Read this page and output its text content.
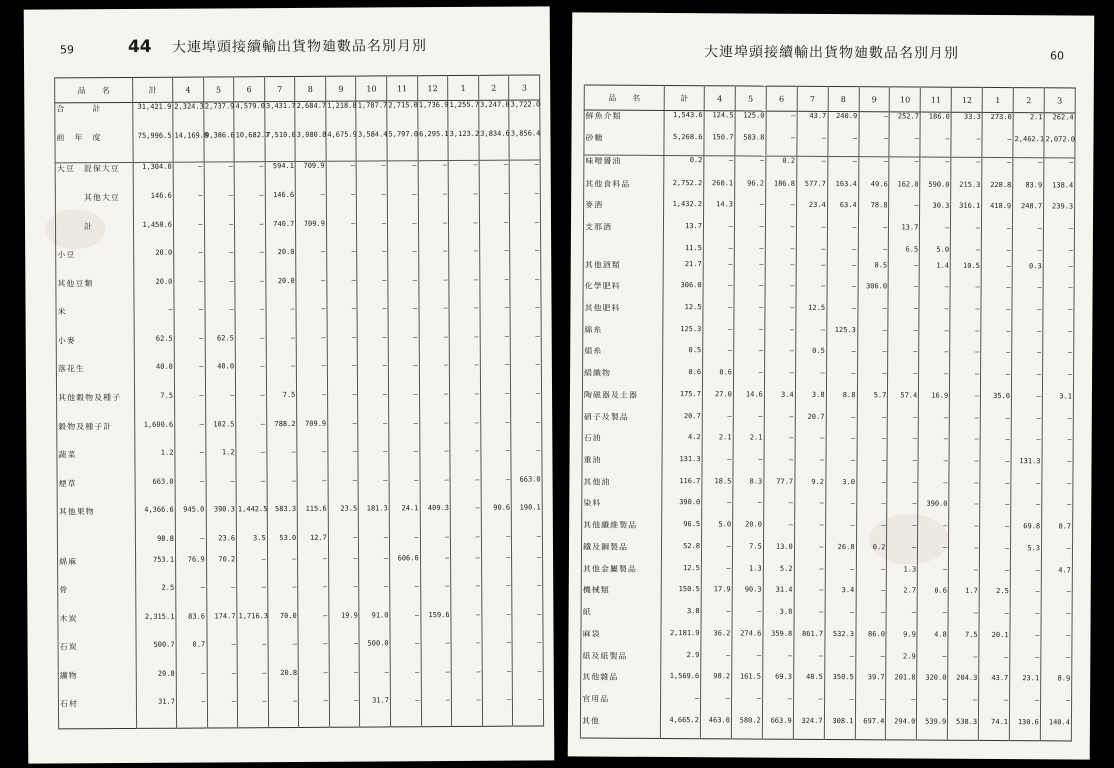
59	44 大連埠頭接續輸出貨物廸數品名別月別
品　　名	計	4	5	6	7	8	9	10	11	12	1	2	3
合　　　計	31,421.9	2,324.3	2,737.9	4,579.0	3,431.7	2,684.7	1,218.8	1,787.7	2,715.0	1,736.9	1,255.7	3,247.8	3,722.0
前　年　度	75,996.5	14,169.8	9,386.6	10,682.7	7,510.0	3,080.8	4,675.9	3,584.4	5,797.0	6,295.1	3,123.2	3,834.6	3,856.4
大豆　混保大豆	1,304.0	—	—	—	594.1	709.9	—	—	—	—	—	—	—
　　　其他大豆	146.6	—	—	—	146.6	—	—	—	—	—	—	—	—
　　　計	1,450.6	—	—	—	740.7	709.9	—	—	—	—	—	—	—
小豆	20.0	—	—	—	20.0	—	—	—	—	—	—	—	—
其他豆類	20.0	—	—	—	20.0	—	—	—	—	—	—	—	—
米	—	—	—	—	—	—	—	—	—	—	—	—	—
小麥	62.5	—	62.5	—	—	—	—	—	—	—	—	—	—
落花生	40.0	—	40.0	—	—	—	—	—	—	—	—	—	—
其他穀物及種子	7.5	—	—	—	7.5	—	—	—	—	—	—	—	—
穀物及種子計	1,600.6	—	102.5	—	788.2	709.9	—	—	—	—	—	—	—
蔬菜	1.2	—	1.2	—	—	—	—	—	—	—	—	—	—
煙草	663.0	—	—	—	—	—	—	—	—	—	—	—	663.0
其他果物	4,366.6	945.0	390.3	1,442.5	583.3	115.6	23.5	181.3	24.1	409.3	—	90.6	190.1
	98.8	—	23.6	3.5	53.0	12.7	—	—	—	—	—	—	—
綿麻	753.1	76.9	70.2	—	—	—	—	—	606.0	—	—	—	—
骨	2.5	—	—	—	—	—	—	—	—	—	—	—	—
木炭	2,315.1	83.6	174.7	1,716.3	70.0	—	19.9	91.0	—	159.6	—	—	—
石炭	500.7	0.7	—	—	—	—	—	500.0	—	—	—	—	—
鑛物	20.8	—	—	—	20.8	—	—	—	—	—	—	—	—
石材	31.7	—	—	—	—	—	—	31.7	—	—	—	—	—
大連埠頭接續輸出貨物廸數品名別月別	60
品　　名	計	4	5	6	7	8	9	10	11	12	1	2	3
鮮魚介類	1,543.6	124.5	125.0	—	43.7	240.9	—	252.7	186.0	33.3	273.0	2.1	262.4
砂糖	5,268.6	150.7	583.8	—	—	—	—	—	—	—	—	2,462.1	2,072.0
味噌醤油	0.2	—	—	0.2	—	—	—	—	—	—	—	—	—
其他食料品	2,752.2	260.1	96.2	186.8	577.7	163.4	49.6	162.0	590.0	215.3	228.8	83.9	138.4
麥酒	1,432.2	14.3	—	—	23.4	63.4	78.8	—	30.3	316.1	418.9	248.7	239.3
支那酒	13.7	—	—	—	—	—	—	13.7	—	—	—	—	—
	11.5	—	—	—	—	—	—	6.5	5.0	—	—	—	—
其他酒類	21.7	—	—	—	—	—	8.5	—	1.4	10.5	—	0.3	—
化學肥料	306.0	—	—	—	—	—	306.0	—	—	—	—	—	—
其他肥料	12.5	—	—	—	12.5	—	—	—	—	—	—	—	—
綿糸	125.3	—	—	—	—	125.3	—	—	—	—	—	—	—
絹糸	0.5	—	—	—	0.5	—	—	—	—	—	—	—	—
絹織物	0.6	0.6	—	—	—	—	—	—	—	—	—	—	—
陶磁器及土器	175.7	27.0	14.6	3.4	3.8	8.8	5.7	57.4	16.9	—	35.0	—	3.1
硝子及製品	20.7	—	—	—	20.7	—	—	—	—	—	—	—	—
石油	4.2	2.1	2.1	—	—	—	—	—	—	—	—	—	—
重油	131.3	—	—	—	—	—	—	—	—	—	—	131.3	—
其他油	116.7	18.5	8.3	77.7	9.2	3.0	—	—	—	—	—	—	—
染料	390.0	—	—	—	—	—	—	—	390.0	—	—	—	—
其他纖維製品	96.5	5.0	20.0	—	—	—	—	—	—	—	—	69.8	0.7
鐵及鋼製品	52.8	—	7.5	13.0	—	26.8	0.2	—	—	—	—	5.3	—
其他金屬製品	12.5	—	1.3	5.2	—	—	—	1.3	—	—	—	—	4.7
機械類	150.5	17.9	90.3	31.4	—	3.4	—	2.7	0.6	1.7	2.5	—	—
紙	3.8	—	—	3.8	—	—	—	—	—	—	—	—	—
麻袋	2,181.9	36.2	274.6	359.8	861.7	532.3	86.0	9.9	4.8	7.5	20.1	—	—
紙及紙製品	2.9	—	—	—	—	—	—	2.9	—	—	—	—	—
其他雜品	1,569.6	98.2	161.5	69.3	48.5	350.5	39.7	201.8	320.0	204.3	43.7	23.1	8.9
官用品	—	—	—	—	—	—	—	—	—	—	—	—	—
其他	4,665.2	463.0	580.2	663.9	324.7	308.1	697.4	294.0	539.9	538.3	74.1	130.6	140.4
